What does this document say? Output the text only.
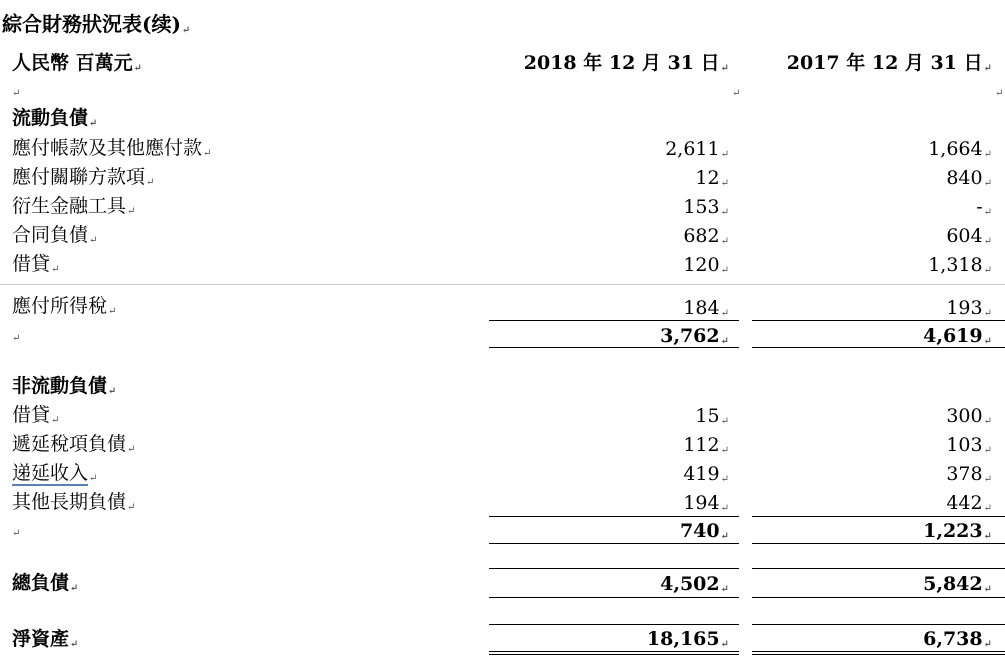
綜合財務狀況表(续)↵
人民幣 百萬元↵	2018 年 12 月 31 日↵	2017 年 12 月 31 日↵
↵	↵	↵
流動負債↵
應付帳款及其他應付款↵	2,611↵	1,664↵
應付關聯方款項↵	12↵	840↵
衍生金融工具↵	153↵	-↵
合同負債↵	682↵	604↵
借貸↵	120↵	1,318↵
應付所得稅↵	184↵	193↵
↵	3,762↵	4,619↵
非流動負債↵
借貸↵	15↵	300↵
遞延稅項負債↵	112↵	103↵
递延收入↵	419↵	378↵
其他長期負債↵	194↵	442↵
↵	740↵	1,223↵
總負債↵	4,502↵	5,842↵
淨資產↵	18,165↵	6,738↵
